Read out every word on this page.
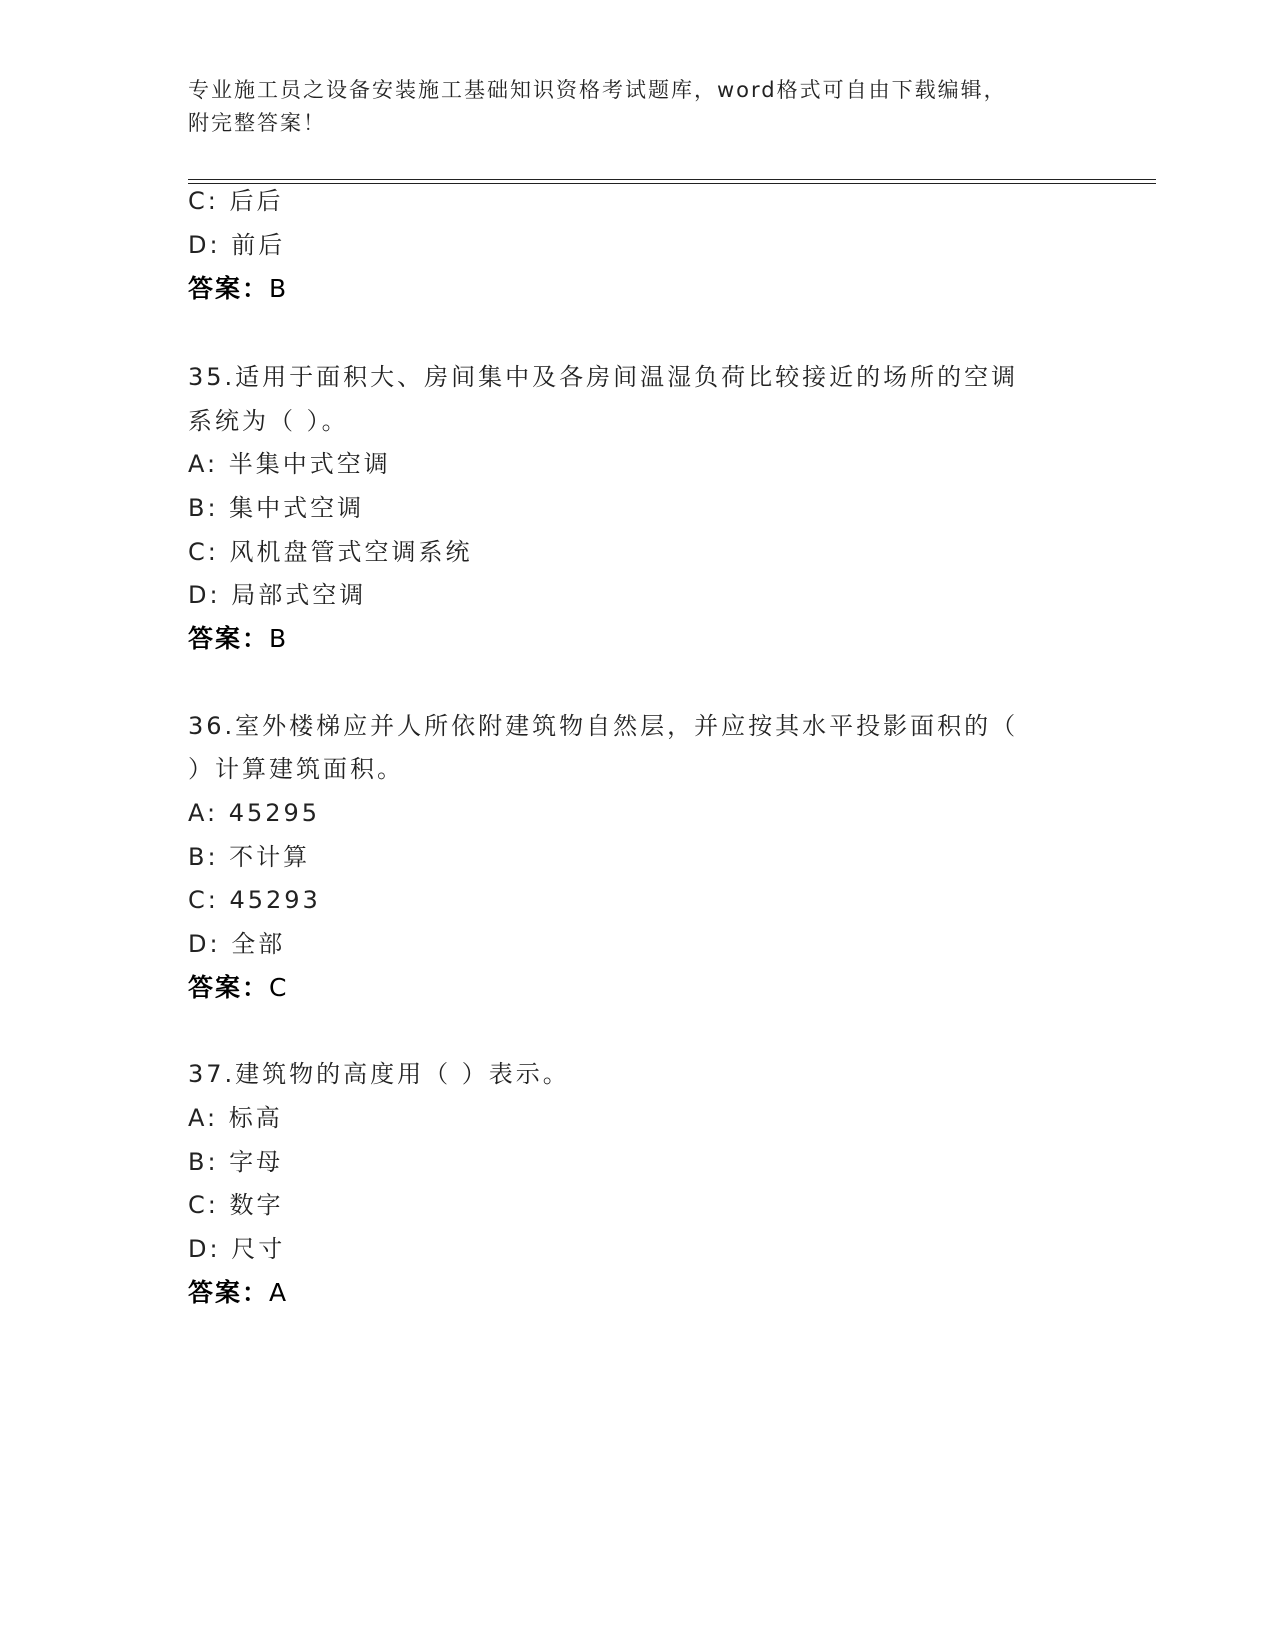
专业施工员之设备安装施工基础知识资格考试题库，word格式可自由下载编辑，
附完整答案！
C: 后后
D: 前后
答案：B
35.适用于面积大、房间集中及各房间温湿负荷比较接近的场所的空调
系统为（ ）。
A: 半集中式空调
B: 集中式空调
C: 风机盘管式空调系统
D: 局部式空调
答案：B
36.室外楼梯应并人所依附建筑物自然层，并应按其水平投影面积的（
）计算建筑面积。
A: 45295
B: 不计算
C: 45293
D: 全部
答案：C
37.建筑物的高度用（ ）表示。
A: 标高
B: 字母
C: 数字
D: 尺寸
答案：A
